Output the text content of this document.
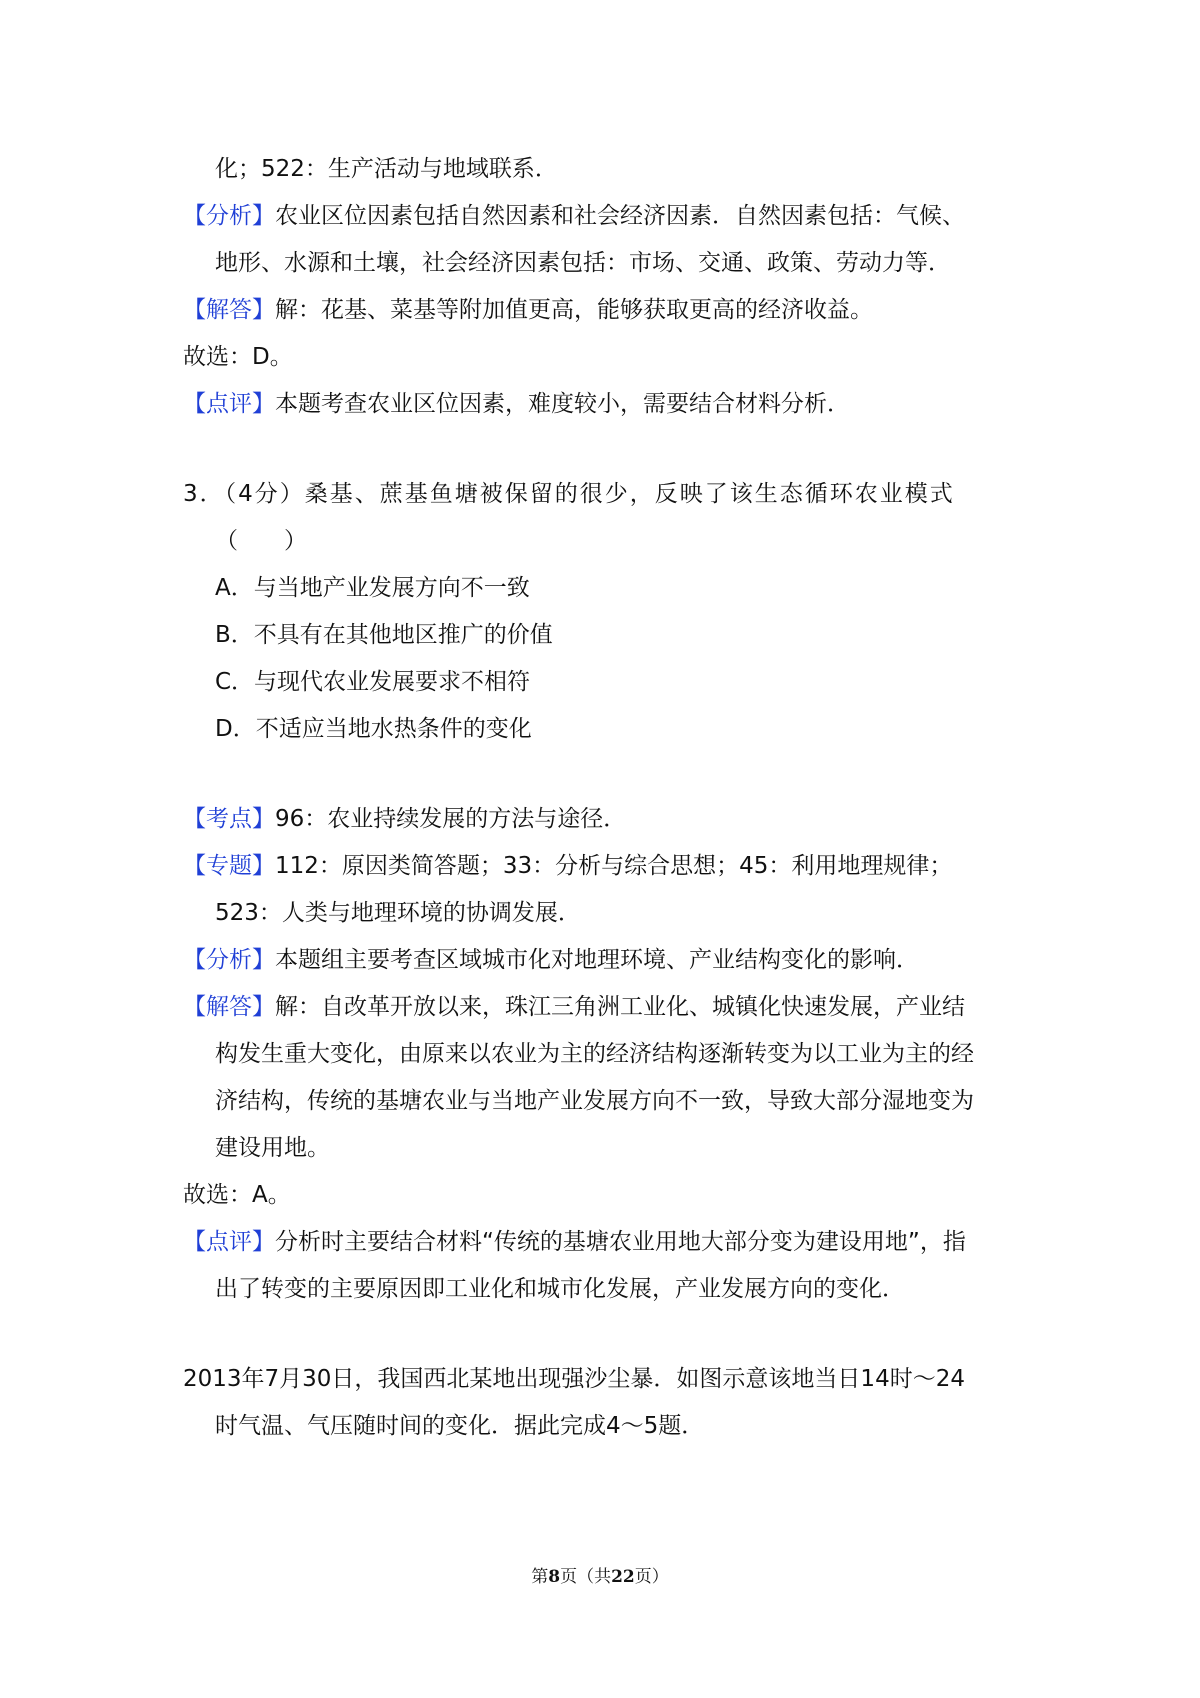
化；522：生产活动与地域联系．
【分析】农业区位因素包括自然因素和社会经济因素．自然因素包括：气候、
地形、水源和土壤，社会经济因素包括：市场、交通、政策、劳动力等．
【解答】解：花基、菜基等附加值更高，能够获取更高的经济收益。
故选：D。
【点评】本题考查农业区位因素，难度较小，需要结合材料分析．
3．（4分）桑基、蔗基鱼塘被保留的很少，反映了该生态循环农业模式
（　　）
A．与当地产业发展方向不一致
B．不具有在其他地区推广的价值
C．与现代农业发展要求不相符
D．不适应当地水热条件的变化
【考点】96：农业持续发展的方法与途径．
【专题】112：原因类简答题；33：分析与综合思想；45：利用地理规律；
523：人类与地理环境的协调发展．
【分析】本题组主要考查区域城市化对地理环境、产业结构变化的影响．
【解答】解：自改革开放以来，珠江三角洲工业化、城镇化快速发展，产业结
构发生重大变化，由原来以农业为主的经济结构逐渐转变为以工业为主的经
济结构，传统的基塘农业与当地产业发展方向不一致，导致大部分湿地变为
建设用地。
故选：A。
【点评】分析时主要结合材料“传统的基塘农业用地大部分变为建设用地”，指
出了转变的主要原因即工业化和城市化发展，产业发展方向的变化．
2013年7月30日，我国西北某地出现强沙尘暴．如图示意该地当日14时～24
时气温、气压随时间的变化．据此完成4～5题．
第8页（共22页）
